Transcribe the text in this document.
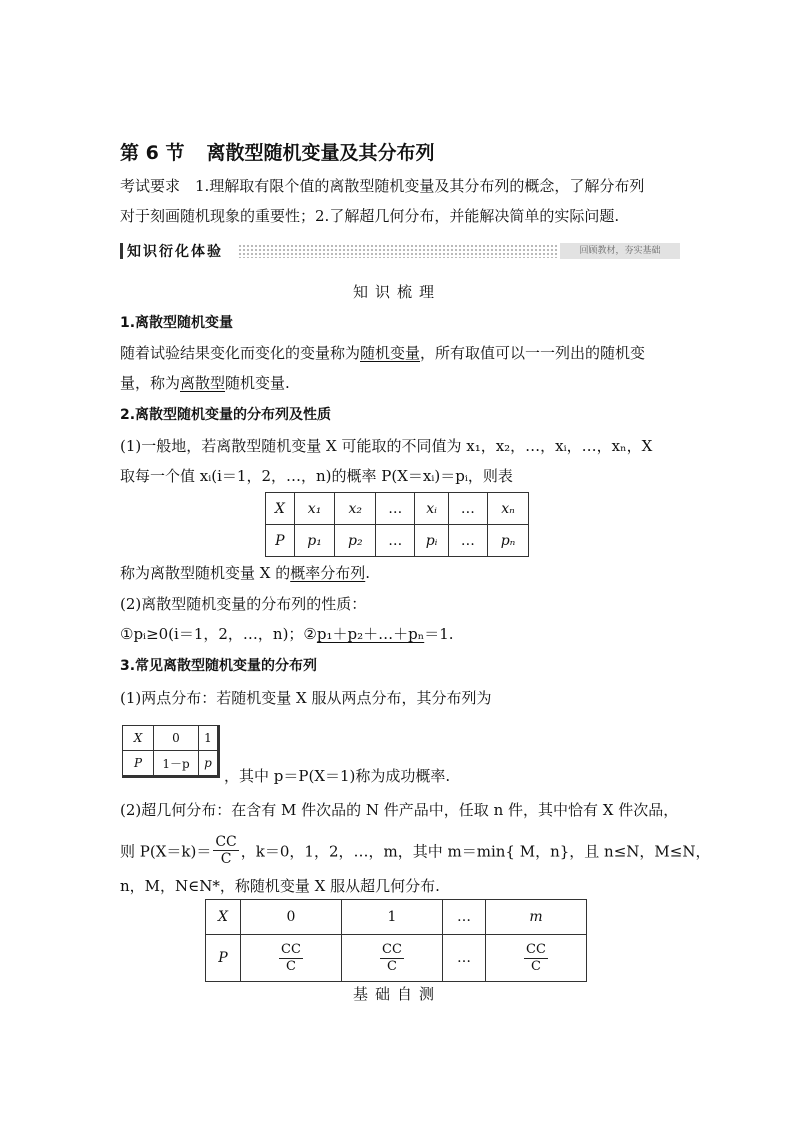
第 6 节 离散型随机变量及其分布列
考试要求　1.理解取有限个值的离散型随机变量及其分布列的概念，了解分布列
对于刻画随机现象的重要性；2.了解超几何分布，并能解决简单的实际问题.
知识衍化体验	回顾教材，夯实基础
知识梳理
1.离散型随机变量
随着试验结果变化而变化的变量称为随机变量，所有取值可以一一列出的随机变
量，称为离散型随机变量.
2.离散型随机变量的分布列及性质
(1)一般地，若离散型随机变量 X 可能取的不同值为 x₁，x₂，…，xᵢ，…，xₙ，X
取每一个值 xᵢ(i＝1，2，…，n)的概率 P(X＝xᵢ)＝pᵢ，则表
X	x₁	x₂	…	xᵢ	…	xₙ
P	p₁	p₂	…	pᵢ	…	pₙ
称为离散型随机变量 X 的概率分布列.
(2)离散型随机变量的分布列的性质：
①pᵢ≥0(i＝1，2，…，n)；②p₁＋p₂＋…＋pₙ＝1.
3.常见离散型随机变量的分布列
(1)两点分布：若随机变量 X 服从两点分布，其分布列为
X	0	1
P	1－p	p
，其中 p＝P(X＝1)称为成功概率.
(2)超几何分布：在含有 M 件次品的 N 件产品中，任取 n 件，其中恰有 X 件次品，
则 $P(X=k)= \frac{CC}{C}$ ，k＝0，1，2，…，m，其中 m＝min{ M，n}，且 n≤N，M≤N，
n，M，N∈N*，称随机变量 X 服从超几何分布.
X	0	1	…	m
P	$\frac{CC}{C}$	$\frac{CC}{C}$	…	$\frac{CC}{C}$
基础自测
